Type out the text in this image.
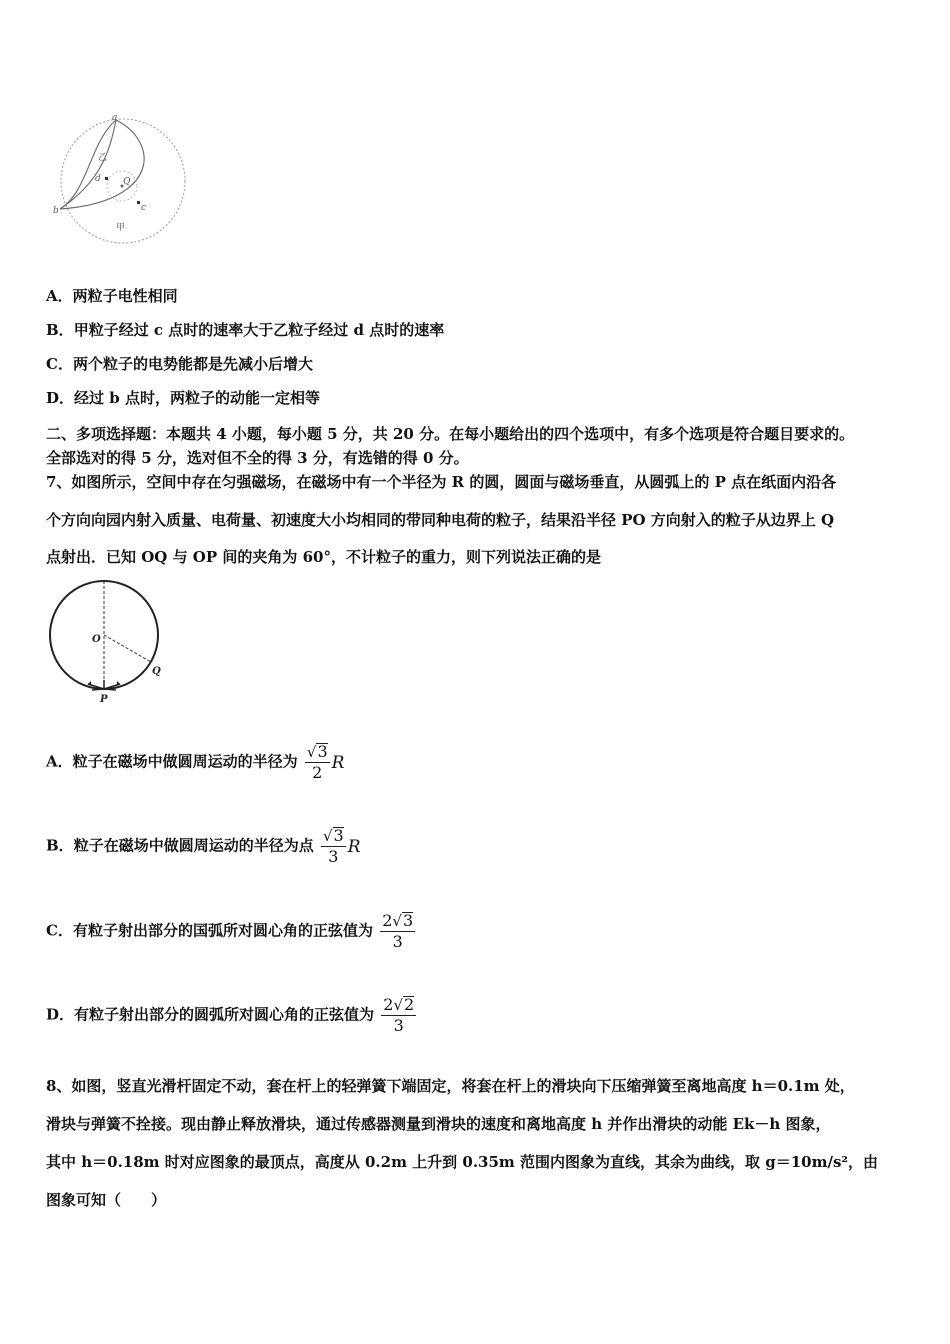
a
b	c
d Q
乙
甲
A．两粒子电性相同
B．甲粒子经过 c 点时的速率大于乙粒子经过 d 点时的速率
C．两个粒子的电势能都是先减小后增大
D．经过 b 点时，两粒子的动能一定相等
二、多项选择题：本题共 4 小题，每小题 5 分，共 20 分。在每小题给出的四个选项中，有多个选项是符合题目要求的。
全部选对的得 5 分，选对但不全的得 3 分，有选错的得 0 分。
7、如图所示，空间中存在匀强磁场，在磁场中有一个半径为 R 的圆，圆面与磁场垂直，从圆弧上的 P 点在纸面内沿各
个方向向园内射入质量、电荷量、初速度大小均相同的带同种电荷的粒子，结果沿半径 PO 方向射入的粒子从边界上 Q
点射出．已知 OQ 与 OP 间的夹角为 60°，不计粒子的重力，则下列说法正确的是
O
Q
P
A．粒子在磁场中做圆周运动的半径为 $\frac{√3}{2}$ R
B．粒子在磁场中做圆周运动的半径为点 $\frac{√3}{3}$ R
C．有粒子射出部分的国弧所对圆心角的正弦值为 $\frac{2√3}{3}$
D．有粒子射出部分的圆弧所对圆心角的正弦值为 $\frac{2√2}{3}$
8、如图，竖直光滑杆固定不动，套在杆上的轻弹簧下端固定，将套在杆上的滑块向下压缩弹簧至离地高度 h＝0.1m 处，
滑块与弹簧不拴接。现由静止释放滑块，通过传感器测量到滑块的速度和离地高度 h 并作出滑块的动能 Ek－h 图象，
其中 h＝0.18m 时对应图象的最顶点，高度从 0.2m 上升到 0.35m 范围内图象为直线，其余为曲线，取 g＝10m/s²，由
图象可知（　　）
